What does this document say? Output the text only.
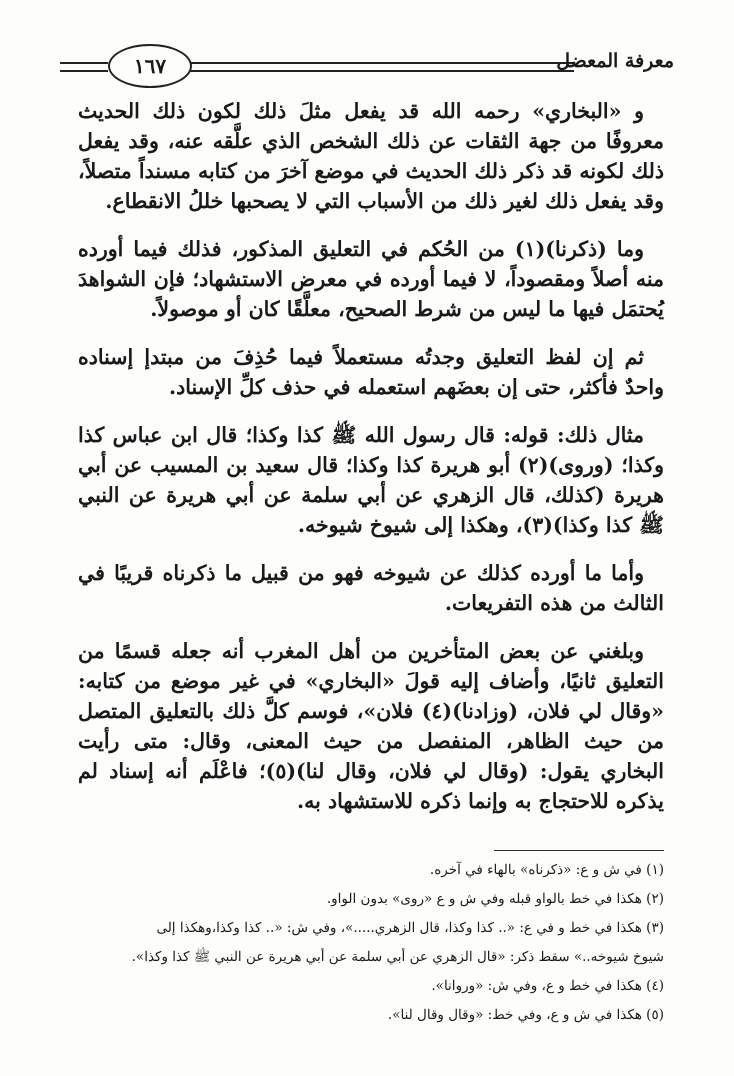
معرفة المعضل
١٦٧

و «البخاري» رحمه الله قد يفعل مثلَ ذلك لكون ذلك الحديث معروفًا من جهة الثقات عن ذلك الشخص الذي علَّقه عنه، وقد يفعل ذلك لكونه قد ذكر ذلك الحديث في موضع آخرَ من كتابه مسنداً متصلاً، وقد يفعل ذلك لغير ذلك من الأسباب التي لا يصحبها خللُ الانقطاع.

وما (ذكرنا)(١) من الحُكم في التعليق المذكور، فذلك فيما أورده منه أصلاً ومقصوداً، لا فيما أورده في معرض الاستشهاد؛ فإن الشواهدَ يُحتمَل فيها ما ليس من شرط الصحيح، معلَّقًا كان أو موصولاً.

ثم إن لفظ التعليق وجدتُه مستعملاً فيما حُذِفَ من مبتدإ إسناده واحدٌ فأكثر، حتى إن بعضَهم استعمله في حذف كلِّ الإسناد.

مثال ذلك: قوله: قال رسول الله ﷺ كذا وكذا؛ قال ابن عباس كذا وكذا؛ (وروى)(٢) أبو هريرة كذا وكذا؛ قال سعيد بن المسيب عن أبي هريرة (كذلك، قال الزهري عن أبي سلمة عن أبي هريرة عن النبي ﷺ كذا وكذا)(٣)، وهكذا إلى شيوخ شيوخه.

وأما ما أورده كذلك عن شيوخه فهو من قبيل ما ذكرناه قريبًا في الثالث من هذه التفريعات.

وبلغني عن بعض المتأخرين من أهل المغرب أنه جعله قسمًا من التعليق ثانيًا، وأضاف إليه قولَ «البخاري» في غير موضع من كتابه: «وقال لي فلان، (وزادنا)(٤) فلان»، فوسم كلَّ ذلك بالتعليق المتصل من حيث الظاهر، المنفصل من حيث المعنى، وقال: متى رأيت البخاري يقول: (وقال لي فلان، وقال لنا)(٥)؛ فاعْلَم أنه إسناد لم يذكره للاحتجاج به وإنما ذكره للاستشهاد به.

(١) في ش و ع: «ذكرناه» بالهاء في آخره.

(٢) هكذا في خط بالواو قبله وفي ش و ع «روى» بدون الواو.

(٣) هكذا في خط و في ع: «.. كذا وكذا، قال الزهري.....»، وفي ش: «.. كذا وكذا،وهكذا إلى

شيوخ شيوخه..» سقط ذكر: «قال الزهري عن أبي سلمة عن أبي هريرة عن النبي ﷺ كذا وكذا».

(٤) هكذا في خط و ع، وفي ش: «وروانا».

(٥) هكذا في ش و ع، وفي خط: «وقال وقال لنا».
